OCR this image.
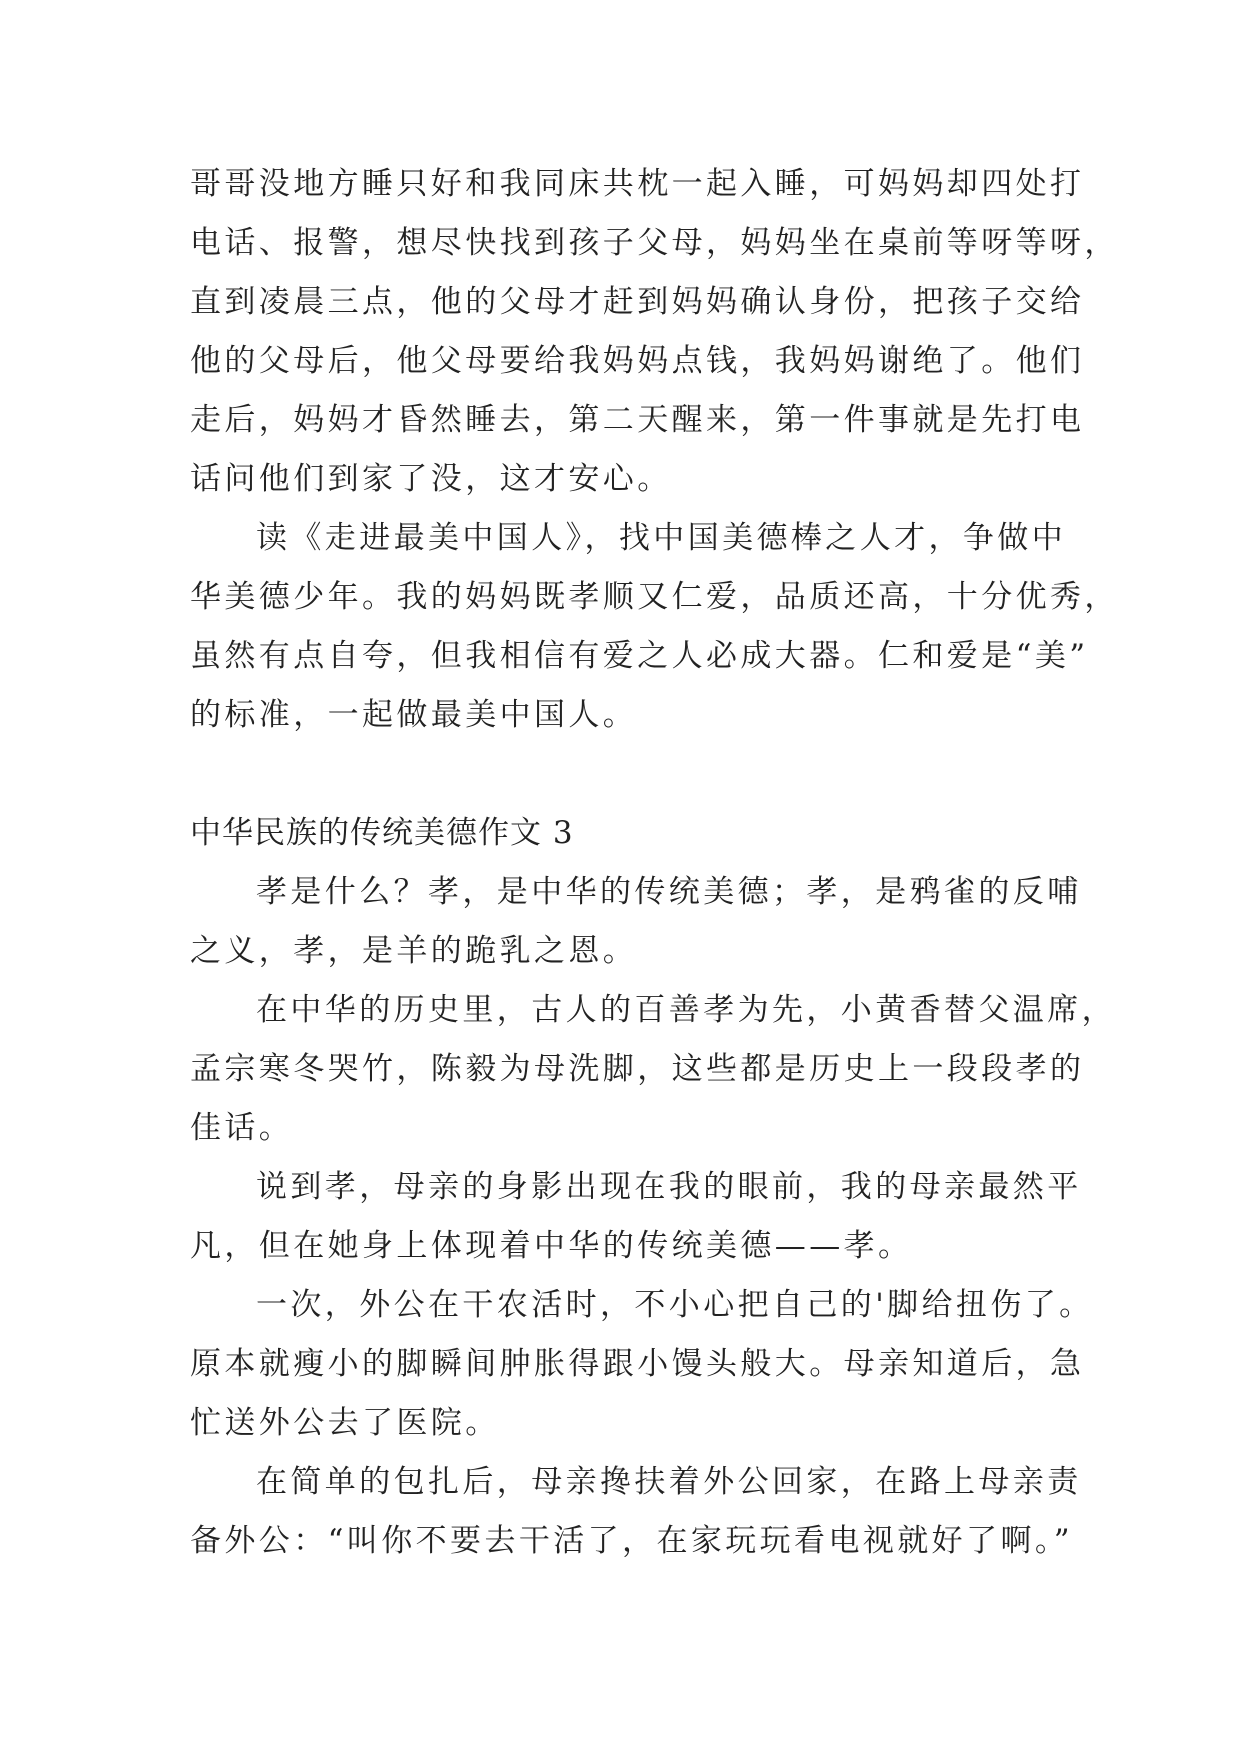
哥哥没地方睡只好和我同床共枕一起入睡，可妈妈却四处打
电话、报警，想尽快找到孩子父母，妈妈坐在桌前等呀等呀，
直到凌晨三点，他的父母才赶到妈妈确认身份，把孩子交给
他的父母后，他父母要给我妈妈点钱，我妈妈谢绝了。他们
走后，妈妈才昏然睡去，第二天醒来，第一件事就是先打电
话问他们到家了没，这才安心。
读《走进最美中国人》，找中国美德棒之人才，争做中
华美德少年。我的妈妈既孝顺又仁爱，品质还高，十分优秀，
虽然有点自夸，但我相信有爱之人必成大器。仁和爱是“美”
的标准，一起做最美中国人。
中华民族的传统美德作文 3
孝是什么？孝，是中华的传统美德；孝，是鸦雀的反哺
之义，孝，是羊的跪乳之恩。
在中华的历史里，古人的百善孝为先，小黄香替父温席，
孟宗寒冬哭竹，陈毅为母洗脚，这些都是历史上一段段孝的
佳话。
说到孝，母亲的身影出现在我的眼前，我的母亲最然平
凡，但在她身上体现着中华的传统美德——孝。
一次，外公在干农活时，不小心把自己的'脚给扭伤了。
原本就瘦小的脚瞬间肿胀得跟小馒头般大。母亲知道后，急
忙送外公去了医院。
在简单的包扎后，母亲搀扶着外公回家，在路上母亲责
备外公：“叫你不要去干活了，在家玩玩看电视就好了啊。”
